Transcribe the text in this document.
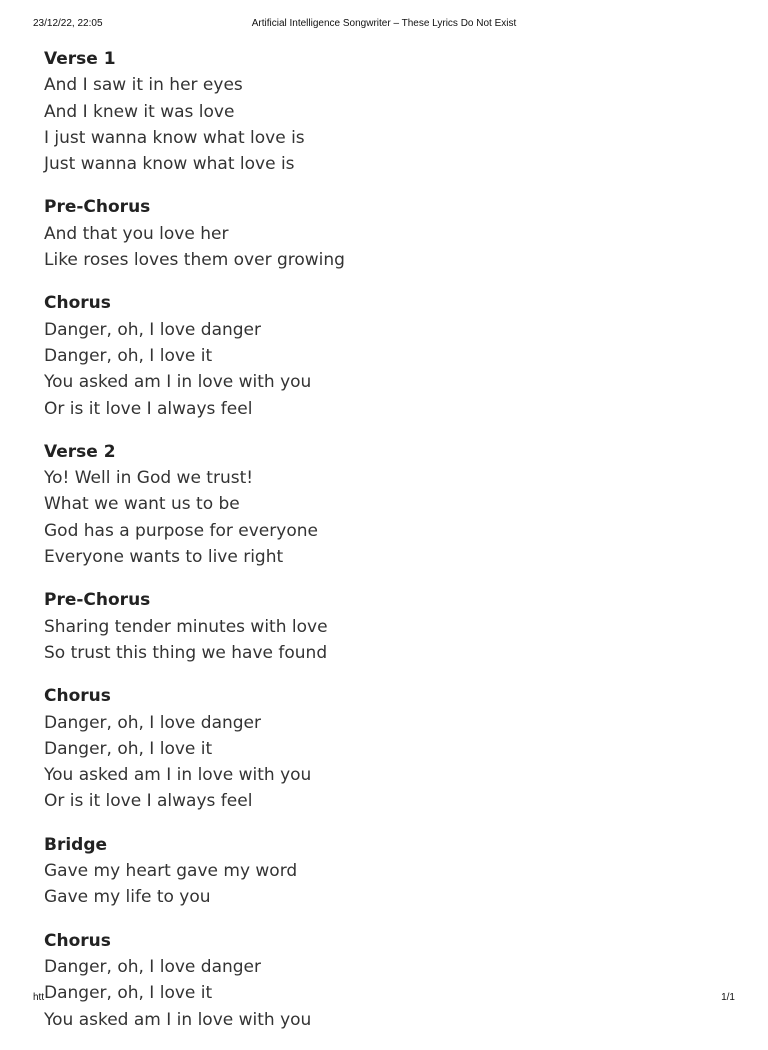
23/12/22, 22:05	Artificial Intelligence Songwriter – These Lyrics Do Not Exist
Verse 1
And I saw it in her eyes
And I knew it was love
I just wanna know what love is
Just wanna know what love is
Pre-Chorus
And that you love her
Like roses loves them over growing
Chorus
Danger, oh, I love danger
Danger, oh, I love it
You asked am I in love with you
Or is it love I always feel
Verse 2
Yo! Well in God we trust!
What we want us to be
God has a purpose for everyone
Everyone wants to live right
Pre-Chorus
Sharing tender minutes with love
So trust this thing we have found
Chorus
Danger, oh, I love danger
Danger, oh, I love it
You asked am I in love with you
Or is it love I always feel
Bridge
Gave my heart gave my word
Gave my life to you
Chorus
Danger, oh, I love danger
Danger, oh, I love it
You asked am I in love with you
htt	1/1
